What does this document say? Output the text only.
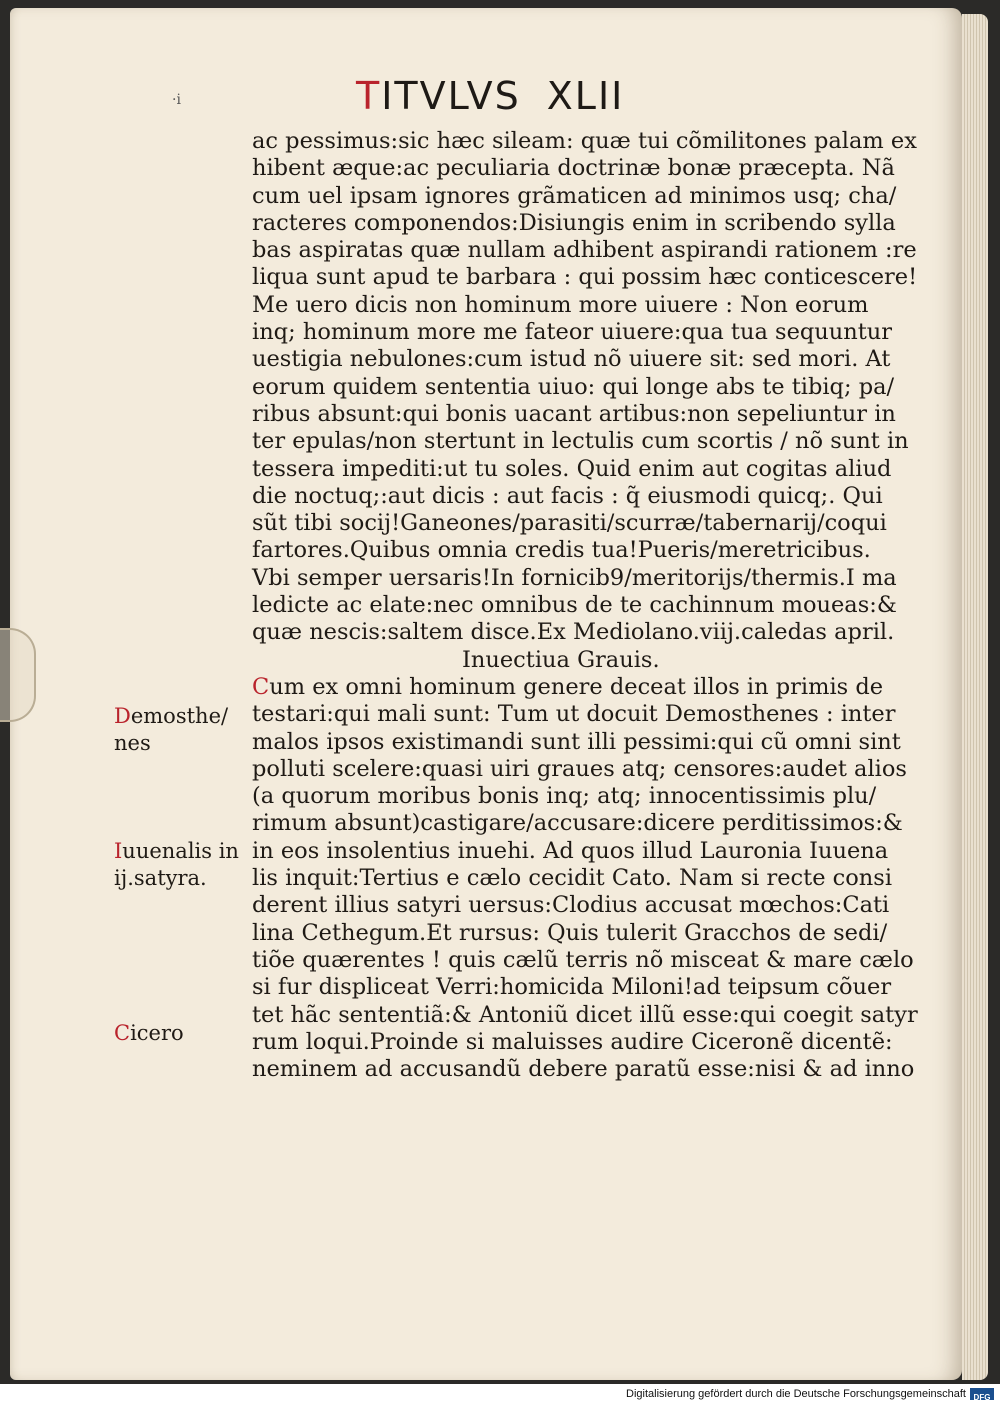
·i	TITVLVS XLII
ac pessimus:sic hæc sileam: quæ tui cõmilitones palam ex
hibent æque:ac peculiaria doctrinæ bonæ præcepta. Nã
cum uel ipsam ignores grãmaticen ad minimos usq; cha/
racteres componendos:Disiungis enim in scribendo sylla
bas aspiratas quæ nullam adhibent aspirandi rationem :re
liqua sunt apud te barbara : qui possim hæc conticescere!
Me uero dicis non hominum more uiuere : Non eorum
inq; hominum more me fateor uiuere:qua tua sequuntur
uestigia nebulones:cum istud nõ uiuere sit: sed mori. At
eorum quidem sententia uiuo: qui longe abs te tibiq; pa/
ribus absunt:qui bonis uacant artibus:non sepeliuntur in
ter epulas/non stertunt in lectulis cum scortis / nõ sunt in
tessera impediti:ut tu soles. Quid enim aut cogitas aliud
die noctuq;:aut dicis : aut facis : q̃ eiusmodi quicq;. Qui
sũt tibi socij!Ganeones/parasiti/scurræ/tabernarij/coqui
fartores.Quibus omnia credis tua!Pueris/meretricibus.
Vbi semper uersaris!In fornicib9/meritorijs/thermis.I ma
ledicte ac elate:nec omnibus de te cachinnum moueas:&
quæ nescis:saltem disce.Ex Mediolano.viij.caledas april.
Inuectiua Grauis.
Cum ex omni hominum genere deceat illos in primis de
testari:qui mali sunt: Tum ut docuit Demosthenes : inter
malos ipsos existimandi sunt illi pessimi:qui cũ omni sint
polluti scelere:quasi uiri graues atq; censores:audet alios
(a quorum moribus bonis inq; atq; innocentissimis plu/
rimum absunt)castigare/accusare:dicere perditissimos:&
in eos insolentius inuehi. Ad quos illud Lauronia Iuuena
lis inquit:Tertius e cælo cecidit Cato. Nam si recte consi
derent illius satyri uersus:Clodius accusat mœchos:Cati
lina Cethegum.Et rursus: Quis tulerit Gracchos de sedi/
tiõe quærentes ! quis cælũ terris nõ misceat & mare cælo
si fur displiceat Verri:homicida Miloni!ad teipsum cõuer
tet hãc sententiã:& Antoniũ dicet illũ esse:qui coegit satyr
rum loqui.Proinde si maluisses audire Ciceronẽ dicentẽ:
neminem ad accusandũ debere paratũ esse:nisi & ad inno
Demosthe/
nes
Iuuenalis in
ij.satyra.
Cicero
Digitalisierung gefördert durch die Deutsche Forschungsgemeinschaft DFG
